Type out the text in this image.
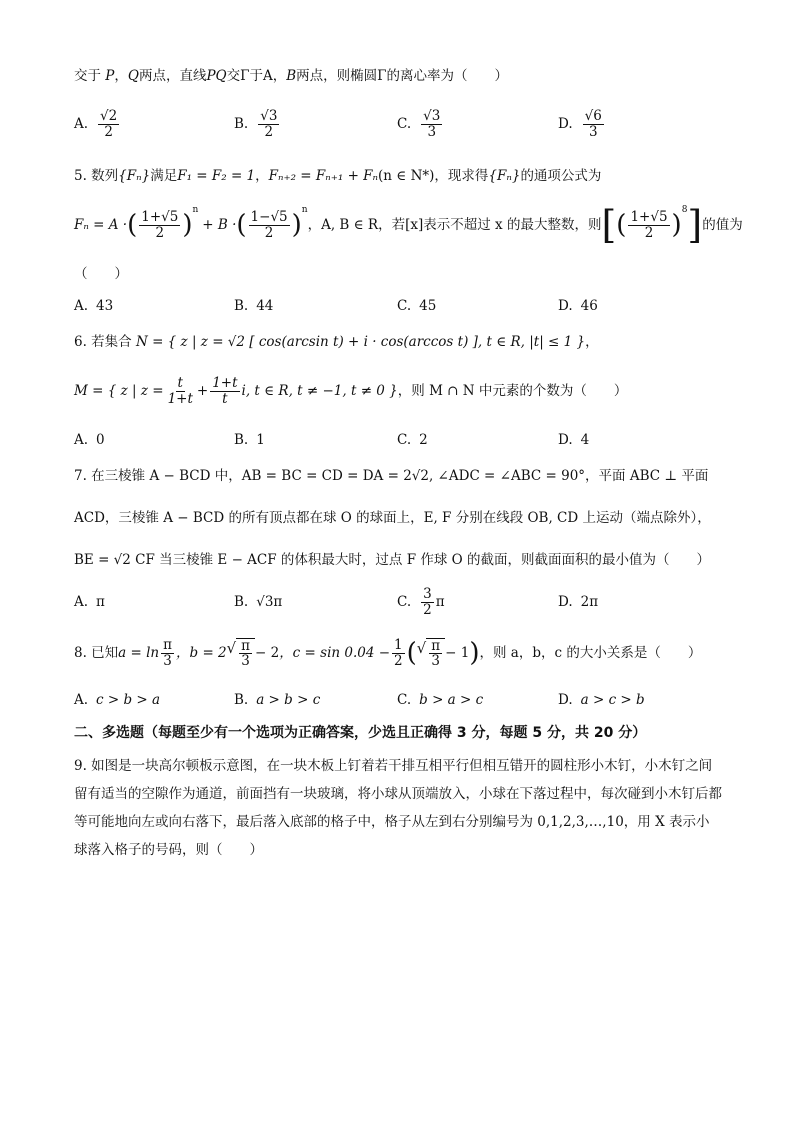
交于 P，Q两点，直线PQ交Γ于A，B两点，则椭圆Γ的离心率为（　　）
A. $\frac{√2}{2}$	B. $\frac{√3}{2}$	C. $\frac{√3}{3}$	D. $\frac{√6}{3}$
5. 数列{Fₙ}满足F₁ = F₂ = 1，Fₙ₊₂ = Fₙ₊₁ + Fₙ(n ∈ N*)，现求得{Fₙ}的通项公式为
Fₙ = A · ( $\frac{1+√5}{2} )^n$
+ B · ( $\frac{1-√5}{2} )^n$
，A, B ∈ R，若 [x] 表示不超过 x 的最大整数，则 [ ( $\frac{1+√5}{2} )^8$ ] 的值为
（　　）
A. 43	B. 44	C. 45	D. 46
6. 若集合 N = { z | z = √2 [ cos(arcsin t) + i · cos(arccos t) ], t ∈ R, |t| ≤ 1 }，
M = { z | $z = \frac{t}{1+t} + \frac{1+t}{t} i$, t ∈ R, t ≠ −1, t ≠ 0 } ，则 M ∩ N 中元素的个数为（　　）
A. 0	B. 1	C. 2	D. 4
7. 在三棱锥 A − BCD 中，AB = BC = CD = DA = 2√2, ∠ADC = ∠ABC = 90°，平面 ABC ⊥ 平面
ACD，三棱锥 A − BCD 的所有顶点都在球 O 的球面上，E, F 分别在线段 OB, CD 上运动（端点除外），
BE = √2 CF 当三棱锥 E − ACF 的体积最大时，过点 F 作球 O 的截面，则截面面积的最小值为（　　）
A. π	B. √3π	C. $\frac{3}{2}$ π	D. 2π
8. 已知 $a = \ln \frac{\pi}{3}$ ，b = 2 √ $\frac{\pi}{3} - 2$ ，$c = \sin 0.04 - \frac{1}{2}$ ( √ $\frac{\pi}{3} - 1$ ) ，则 a，b，c 的大小关系是（　　）
A. c > b > a	B. a > b > c	C. b > a > c	D. a > c > b
二、多选题（每题至少有一个选项为正确答案，少选且正确得 3 分，每题 5 分，共 20 分）
9. 如图是一块高尔顿板示意图，在一块木板上钉着若干排互相平行但相互错开的圆柱形小木钉，小木钉之间留有适当的空隙作为通道，前面挡有一块玻璃，将小球从顶端放入，小球在下落过程中，每次碰到小木钉后都等可能地向左或向右落下，最后落入底部的格子中，格子从左到右分别编号为 0,1,2,3,…,10，用 X 表示小球落入格子的号码，则（　　）
